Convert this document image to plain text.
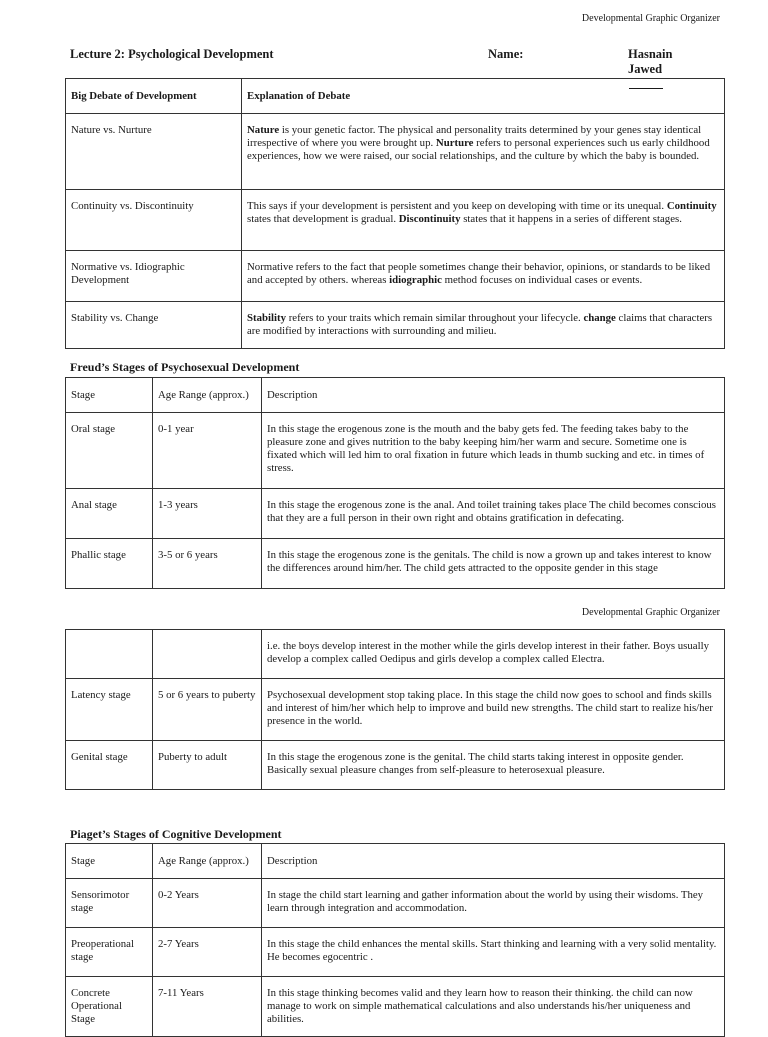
Developmental Graphic Organizer
Lecture 2: Psychological Development	Name:	Hasnain Jawed
Big Debate of Development	Explanation of Debate
Nature vs. Nurture	Nature is your genetic factor. The physical and personality traits determined by your genes stay identical irrespective of where you were brought up. Nurture refers to personal experiences such us early childhood experiences, how we were raised, our social relationships, and the culture by which the baby is bounded.
Continuity vs. Discontinuity	This says if your development is persistent and you keep on developing with time or its unequal. Continuity states that development is gradual. Discontinuity states that it happens in a series of different stages.
Normative vs. Idiographic Development	Normative refers to the fact that people sometimes change their behavior, opinions, or standards to be liked and accepted by others. whereas idiographic method focuses on individual cases or events.
Stability vs. Change	Stability refers to your traits which remain similar throughout your lifecycle. change claims that characters are modified by interactions with surrounding and milieu.
Freud’s Stages of Psychosexual Development
Stage	Age Range (approx.)	Description
Oral stage	0-1 year	In this stage the erogenous zone is the mouth and the baby gets fed. The feeding takes baby to the pleasure zone and gives nutrition to the baby keeping him/her warm and secure. Sometime one is fixated which will led him to oral fixation in future which leads in thumb sucking and etc. in times of stress.
Anal stage	1-3 years	In this stage the erogenous zone is the anal. And toilet training takes place The child becomes conscious that they are a full person in their own right and obtains gratification in defecating.
Phallic stage	3-5 or 6 years	In this stage the erogenous zone is the genitals. The child is now a grown up and takes interest to know the differences around him/her. The child gets attracted to the opposite gender in this stage
Developmental Graphic Organizer
		i.e. the boys develop interest in the mother while the girls develop interest in their father. Boys usually develop a complex called Oedipus and girls develop a complex called Electra.
Latency stage	5 or 6 years to puberty	Psychosexual development stop taking place. In this stage the child now goes to school and finds skills and interest of him/her which help to improve and build new strengths. The child start to realize his/her presence in the world.
Genital stage	Puberty to adult	In this stage the erogenous zone is the genital. The child starts taking interest in opposite gender. Basically sexual pleasure changes from self-pleasure to heterosexual pleasure.
Piaget’s Stages of Cognitive Development
Stage	Age Range (approx.)	Description
Sensorimotor stage	0-2 Years	In stage the child start learning and gather information about the world by using their wisdoms. They learn through integration and accommodation.
Preoperational stage	2-7 Years	In this stage the child enhances the mental skills. Start thinking and learning with a very solid mentality. He becomes egocentric .
Concrete Operational Stage	7-11 Years	In this stage thinking becomes valid and they learn how to reason their thinking. the child can now manage to work on simple mathematical calculations and also understands his/her uniqueness and abilities.
